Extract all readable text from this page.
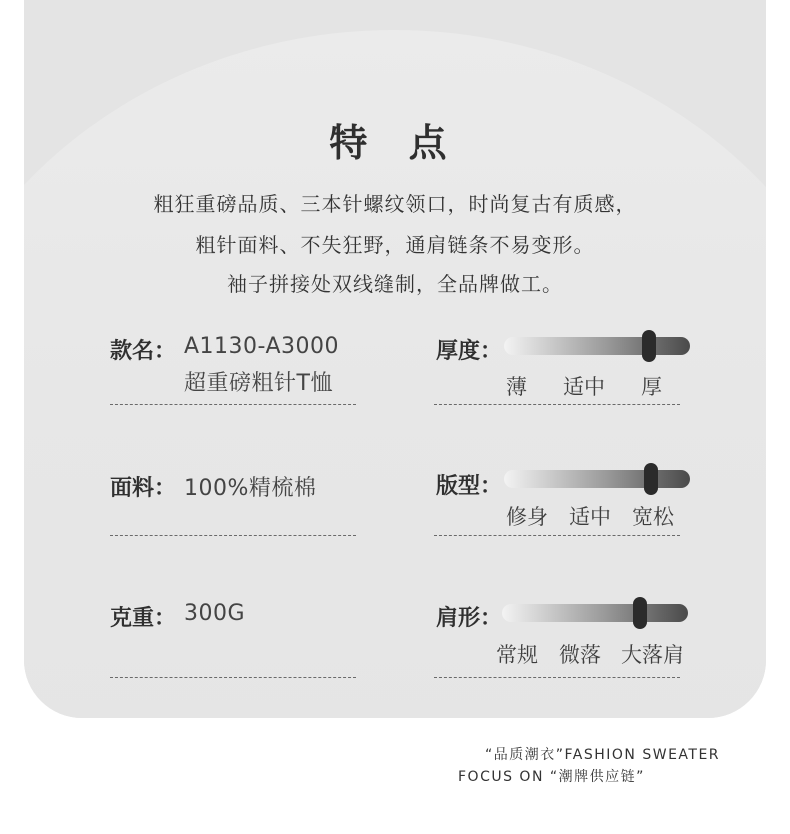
特 点
粗狂重磅品质、三本针螺纹领口，时尚复古有质感，
粗针面料、不失狂野，通肩链条不易变形。
袖子拼接处双线缝制，全品牌做工。
款名： A1130-A3000
超重磅粗针T恤
面料： 100%精梳棉
克重： 300G
厚度：
薄 适中 厚
版型：
修身 适中 宽松
肩形：
常规 微落 大落肩
“品质潮衣”FASHION SWEATER
FOCUS ON “潮牌供应链”
